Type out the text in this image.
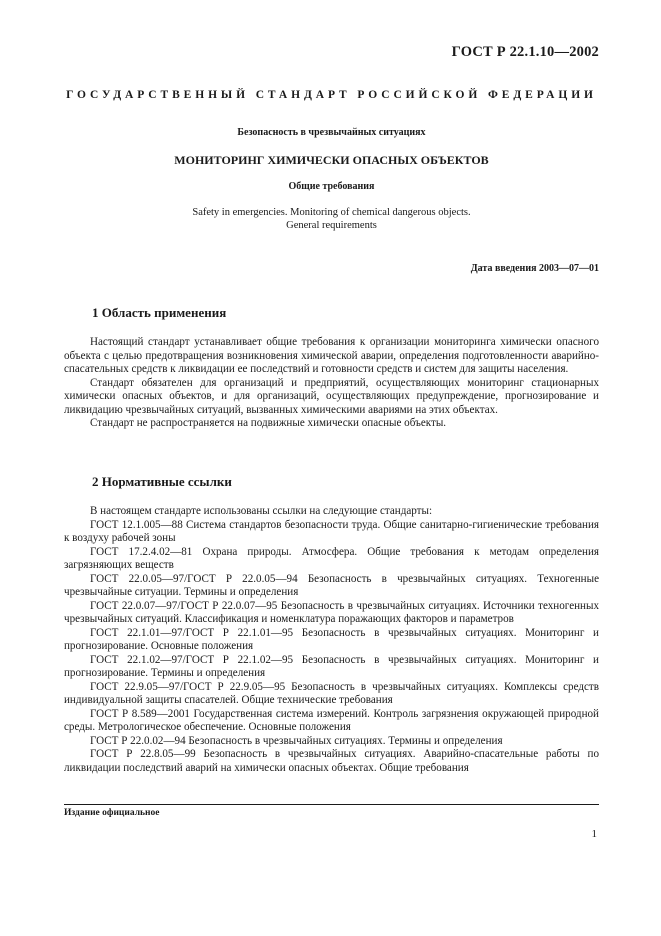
ГОСТ Р 22.1.10—2002
ГОСУДАРСТВЕННЫЙ СТАНДАРТ РОССИЙСКОЙ ФЕДЕРАЦИИ
Безопасность в чрезвычайных ситуациях
МОНИТОРИНГ ХИМИЧЕСКИ ОПАСНЫХ ОБЪЕКТОВ
Общие требования
Safety in emergencies. Monitoring of chemical dangerous objects.
General requirements
Дата введения 2003—07—01
1 Область применения

Настоящий стандарт устанавливает общие требования к организации мониторинга химически опасного объекта с целью предотвращения возникновения химической аварии, определения подготовленности аварийно-спасательных средств к ликвидации ее последствий и готовности средств и систем для защиты населения.

Стандарт обязателен для организаций и предприятий, осуществляющих мониторинг стационарных химически опасных объектов, и для организаций, осуществляющих предупреждение, прогнозирование и ликвидацию чрезвычайных ситуаций, вызванных химическими авариями на этих объектах.

Стандарт не распространяется на подвижные химически опасные объекты.

2 Нормативные ссылки

В настоящем стандарте использованы ссылки на следующие стандарты:

ГОСТ 12.1.005—88 Система стандартов безопасности труда. Общие санитарно-гигиенические требования к воздуху рабочей зоны

ГОСТ 17.2.4.02—81 Охрана природы. Атмосфера. Общие требования к методам определения загрязняющих веществ

ГОСТ 22.0.05—97/ГОСТ Р 22.0.05—94 Безопасность в чрезвычайных ситуациях. Техногенные чрезвычайные ситуации. Термины и определения

ГОСТ 22.0.07—97/ГОСТ Р 22.0.07—95 Безопасность в чрезвычайных ситуациях. Источники техногенных чрезвычайных ситуаций. Классификация и номенклатура поражающих факторов и параметров

ГОСТ 22.1.01—97/ГОСТ Р 22.1.01—95 Безопасность в чрезвычайных ситуациях. Мониторинг и прогнозирование. Основные положения

ГОСТ 22.1.02—97/ГОСТ Р 22.1.02—95 Безопасность в чрезвычайных ситуациях. Мониторинг и прогнозирование. Термины и определения

ГОСТ 22.9.05—97/ГОСТ Р 22.9.05—95 Безопасность в чрезвычайных ситуациях. Комплексы средств индивидуальной защиты спасателей. Общие технические требования

ГОСТ Р 8.589—2001 Государственная система измерений. Контроль загрязнения окружающей природной среды. Метрологическое обеспечение. Основные положения

ГОСТ Р 22.0.02—94 Безопасность в чрезвычайных ситуациях. Термины и определения

ГОСТ Р 22.8.05—99 Безопасность в чрезвычайных ситуациях. Аварийно-спасательные работы по ликвидации последствий аварий на химически опасных объектах. Общие требования

Издание официальное
1
